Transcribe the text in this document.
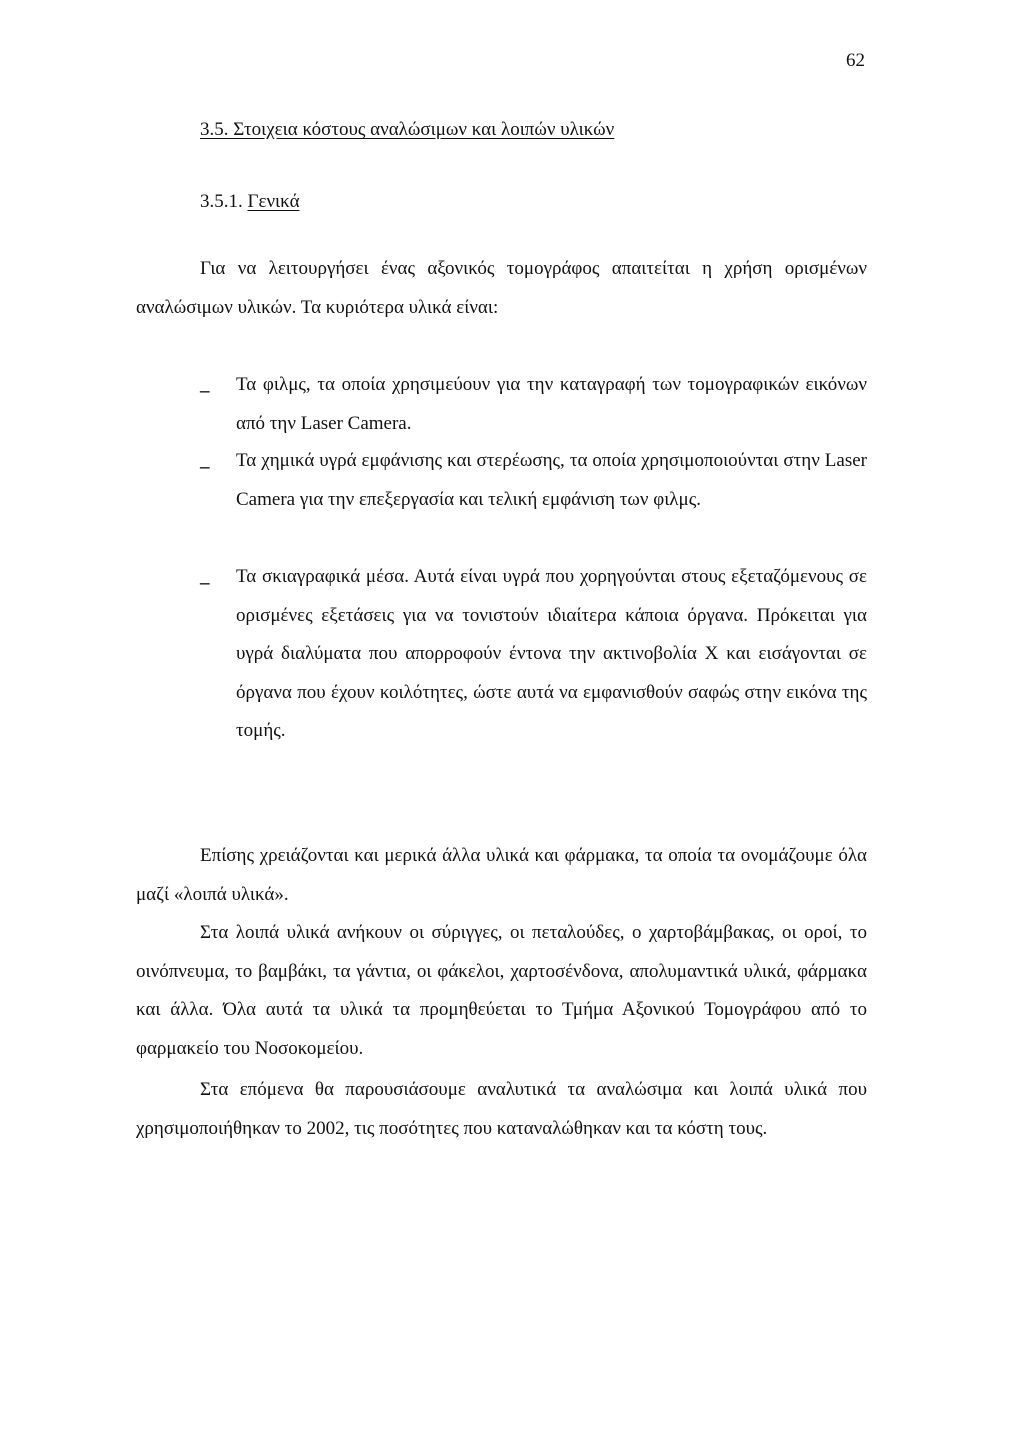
62
3.5. Στοιχεια κόστους αναλώσιμων και λοιπών υλικών
3.5.1. Γενικά

Για να λειτουργήσει ένας αξονικός τομογράφος απαιτείται η χρήση ορισμένων αναλώσιμων υλικών. Τα κυριότερα υλικά είναι:

_	Τα φιλμς, τα οποία χρησιμεύουν για την καταγραφή των τομογραφικών εικόνων από την Laser Camera.
_	Τα χημικά υγρά εμφάνισης και στερέωσης, τα οποία χρησιμοποιούνται στην Laser Camera για την επεξεργασία και τελική εμφάνιση των φιλμς.
_	Τα σκιαγραφικά μέσα. Αυτά είναι υγρά που χορηγούνται στους εξεταζόμενους σε ορισμένες εξετάσεις για να τονιστούν ιδιαίτερα κάποια όργανα. Πρόκειται για υγρά διαλύματα που απορροφούν έντονα την ακτινοβολία Χ και εισάγονται σε όργανα που έχουν κοιλότητες, ώστε αυτά να εμφανισθούν σαφώς στην εικόνα της τομής.

Επίσης χρειάζονται και μερικά άλλα υλικά και φάρμακα, τα οποία τα ονομάζουμε όλα μαζί «λοιπά υλικά».

Στα λοιπά υλικά ανήκουν οι σύριγγες, οι πεταλούδες, ο χαρτοβάμβακας, οι οροί, το οινόπνευμα, το βαμβάκι, τα γάντια, οι φάκελοι, χαρτοσένδονα, απολυμαντικά υλικά, φάρμακα και άλλα. Όλα αυτά τα υλικά τα προμηθεύεται το Τμήμα Αξονικού Τομογράφου από το φαρμακείο του Νοσοκομείου.

Στα επόμενα θα παρουσιάσουμε αναλυτικά τα αναλώσιμα και λοιπά υλικά που χρησιμοποιήθηκαν το 2002, τις ποσότητες που καταναλώθηκαν και τα κόστη τους.
